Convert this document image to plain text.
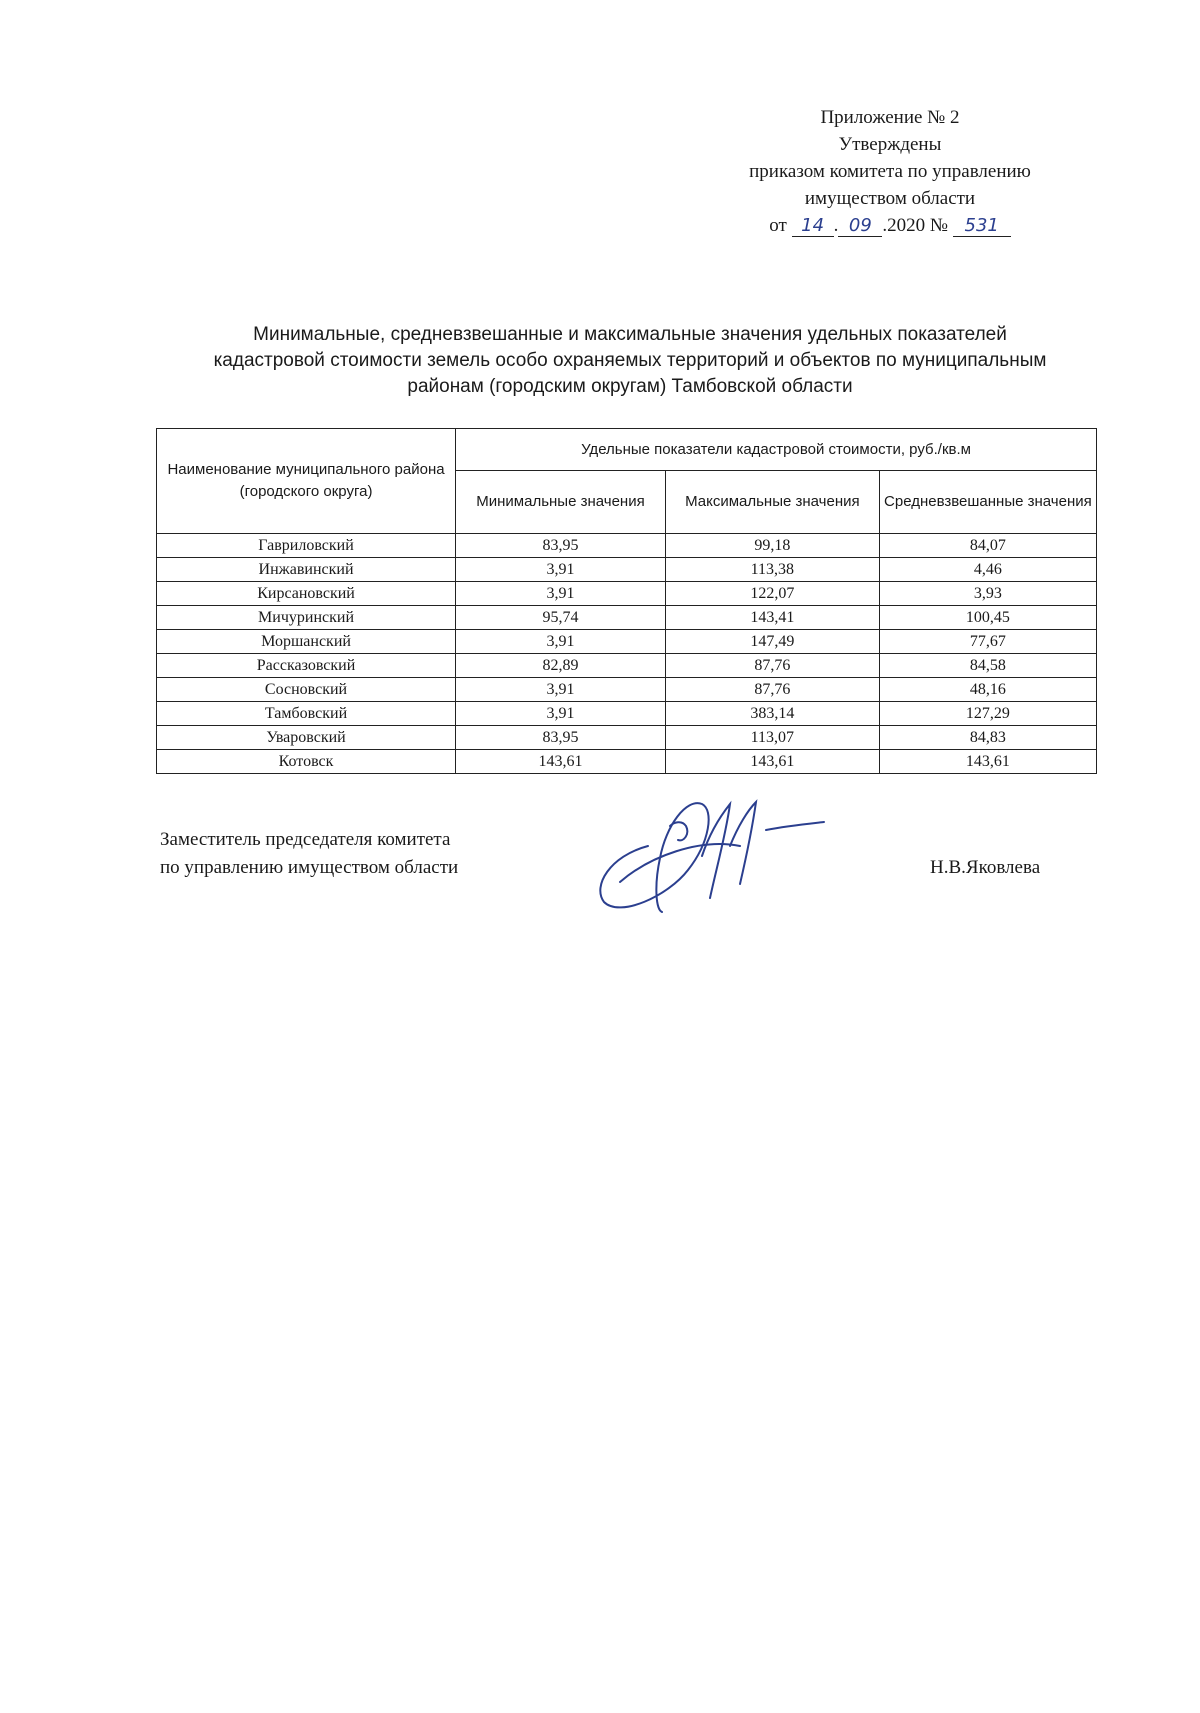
Приложение № 2
Утверждены
приказом комитета по управлению
имуществом области
от 14 . 09 .2020 № 531
Минимальные, средневзвешанные и максимальные значения удельных показателей
кадастровой стоимости земель особо охраняемых территорий и объектов по муниципальным
районам (городским округам) Тамбовской области
Наименование муниципального района (городского округа)	Удельные показатели кадастровой стоимости, руб./кв.м		
	Минимальные значения	Максимальные значения	Средневзвешанные значения
Гавриловский	83,95	99,18	84,07
Инжавинский	3,91	113,38	4,46
Кирсановский	3,91	122,07	3,93
Мичуринский	95,74	143,41	100,45
Моршанский	3,91	147,49	77,67
Рассказовский	82,89	87,76	84,58
Сосновский	3,91	87,76	48,16
Тамбовский	3,91	383,14	127,29
Уваровский	83,95	113,07	84,83
Котовск	143,61	143,61	143,61
Заместитель председателя комитета
по управлению имуществом области	Н.В.Яковлева
